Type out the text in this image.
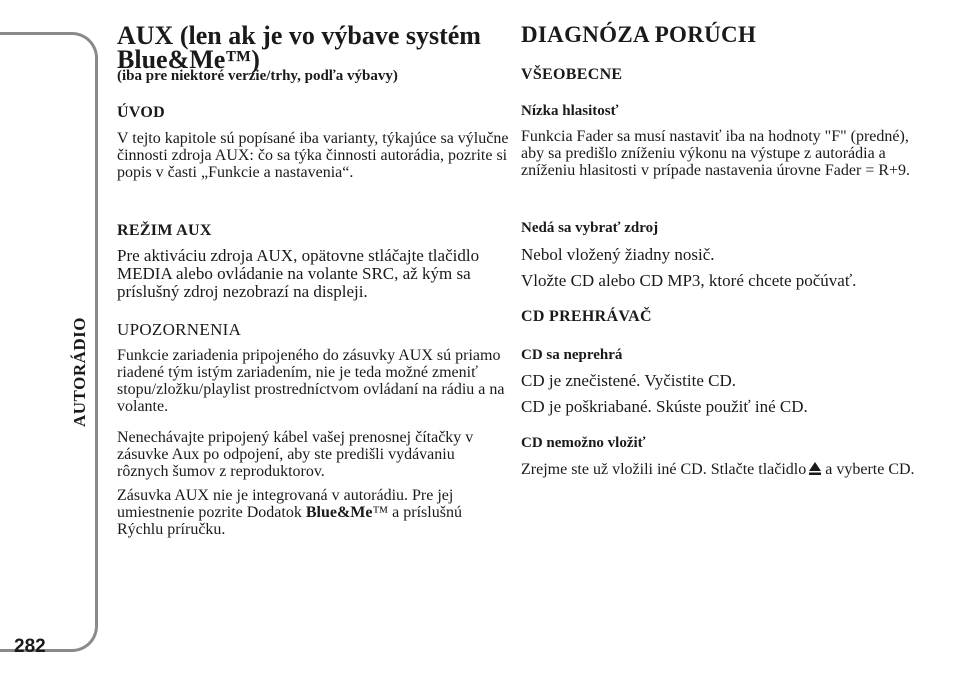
AUTORÁDIO
282
AUX (len ak je vo výbave systém
Blue&Me™)
(iba pre niektoré verzie/trhy, podľa výbavy)
ÚVOD
V tejto kapitole sú popísané iba varianty, týkajúce sa výlučne činnosti zdroja AUX: čo sa týka činnosti autorádia, pozrite si popis v časti „Funkcie a nastavenia“.
REŽIM AUX
Pre aktiváciu zdroja AUX, opätovne stláčajte tlačidlo MEDIA alebo ovládanie na volante SRC, až kým sa príslušný zdroj nezobrazí na displeji.
UPOZORNENIA
Funkcie zariadenia pripojeného do zásuvky AUX sú priamo riadené tým istým zariadením, nie je teda možné zmeniť stopu/zložku/playlist prostredníctvom ovládaní na rádiu a na volante.
Nenechávajte pripojený kábel vašej prenosnej čítačky v zásuvke Aux po odpojení, aby ste predišli vydávaniu rôznych šumov z reproduktorov.
Zásuvka AUX nie je integrovaná v autorádiu. Pre jej umiestnenie pozrite Dodatok Blue&Me™ a príslušnú Rýchlu príručku.
DIAGNÓZA PORÚCH
VŠEOBECNE
Nízka hlasitosť
Funkcia Fader sa musí nastaviť iba na hodnoty "F" (predné), aby sa predišlo zníženiu výkonu na výstupe z autorádia a zníženiu hlasitosti v prípade nastavenia úrovne Fader = R+9.
Nedá sa vybrať zdroj
Nebol vložený žiadny nosič.
Vložte CD alebo CD MP3, ktoré chcete počúvať.
CD PREHRÁVAČ
CD sa neprehrá
CD je znečistené. Vyčistite CD.
CD je poškriabané. Skúste použiť iné CD.
CD nemožno vložiť
Zrejme ste už vložili iné CD. Stlačte tlačidlo a vyberte CD.
